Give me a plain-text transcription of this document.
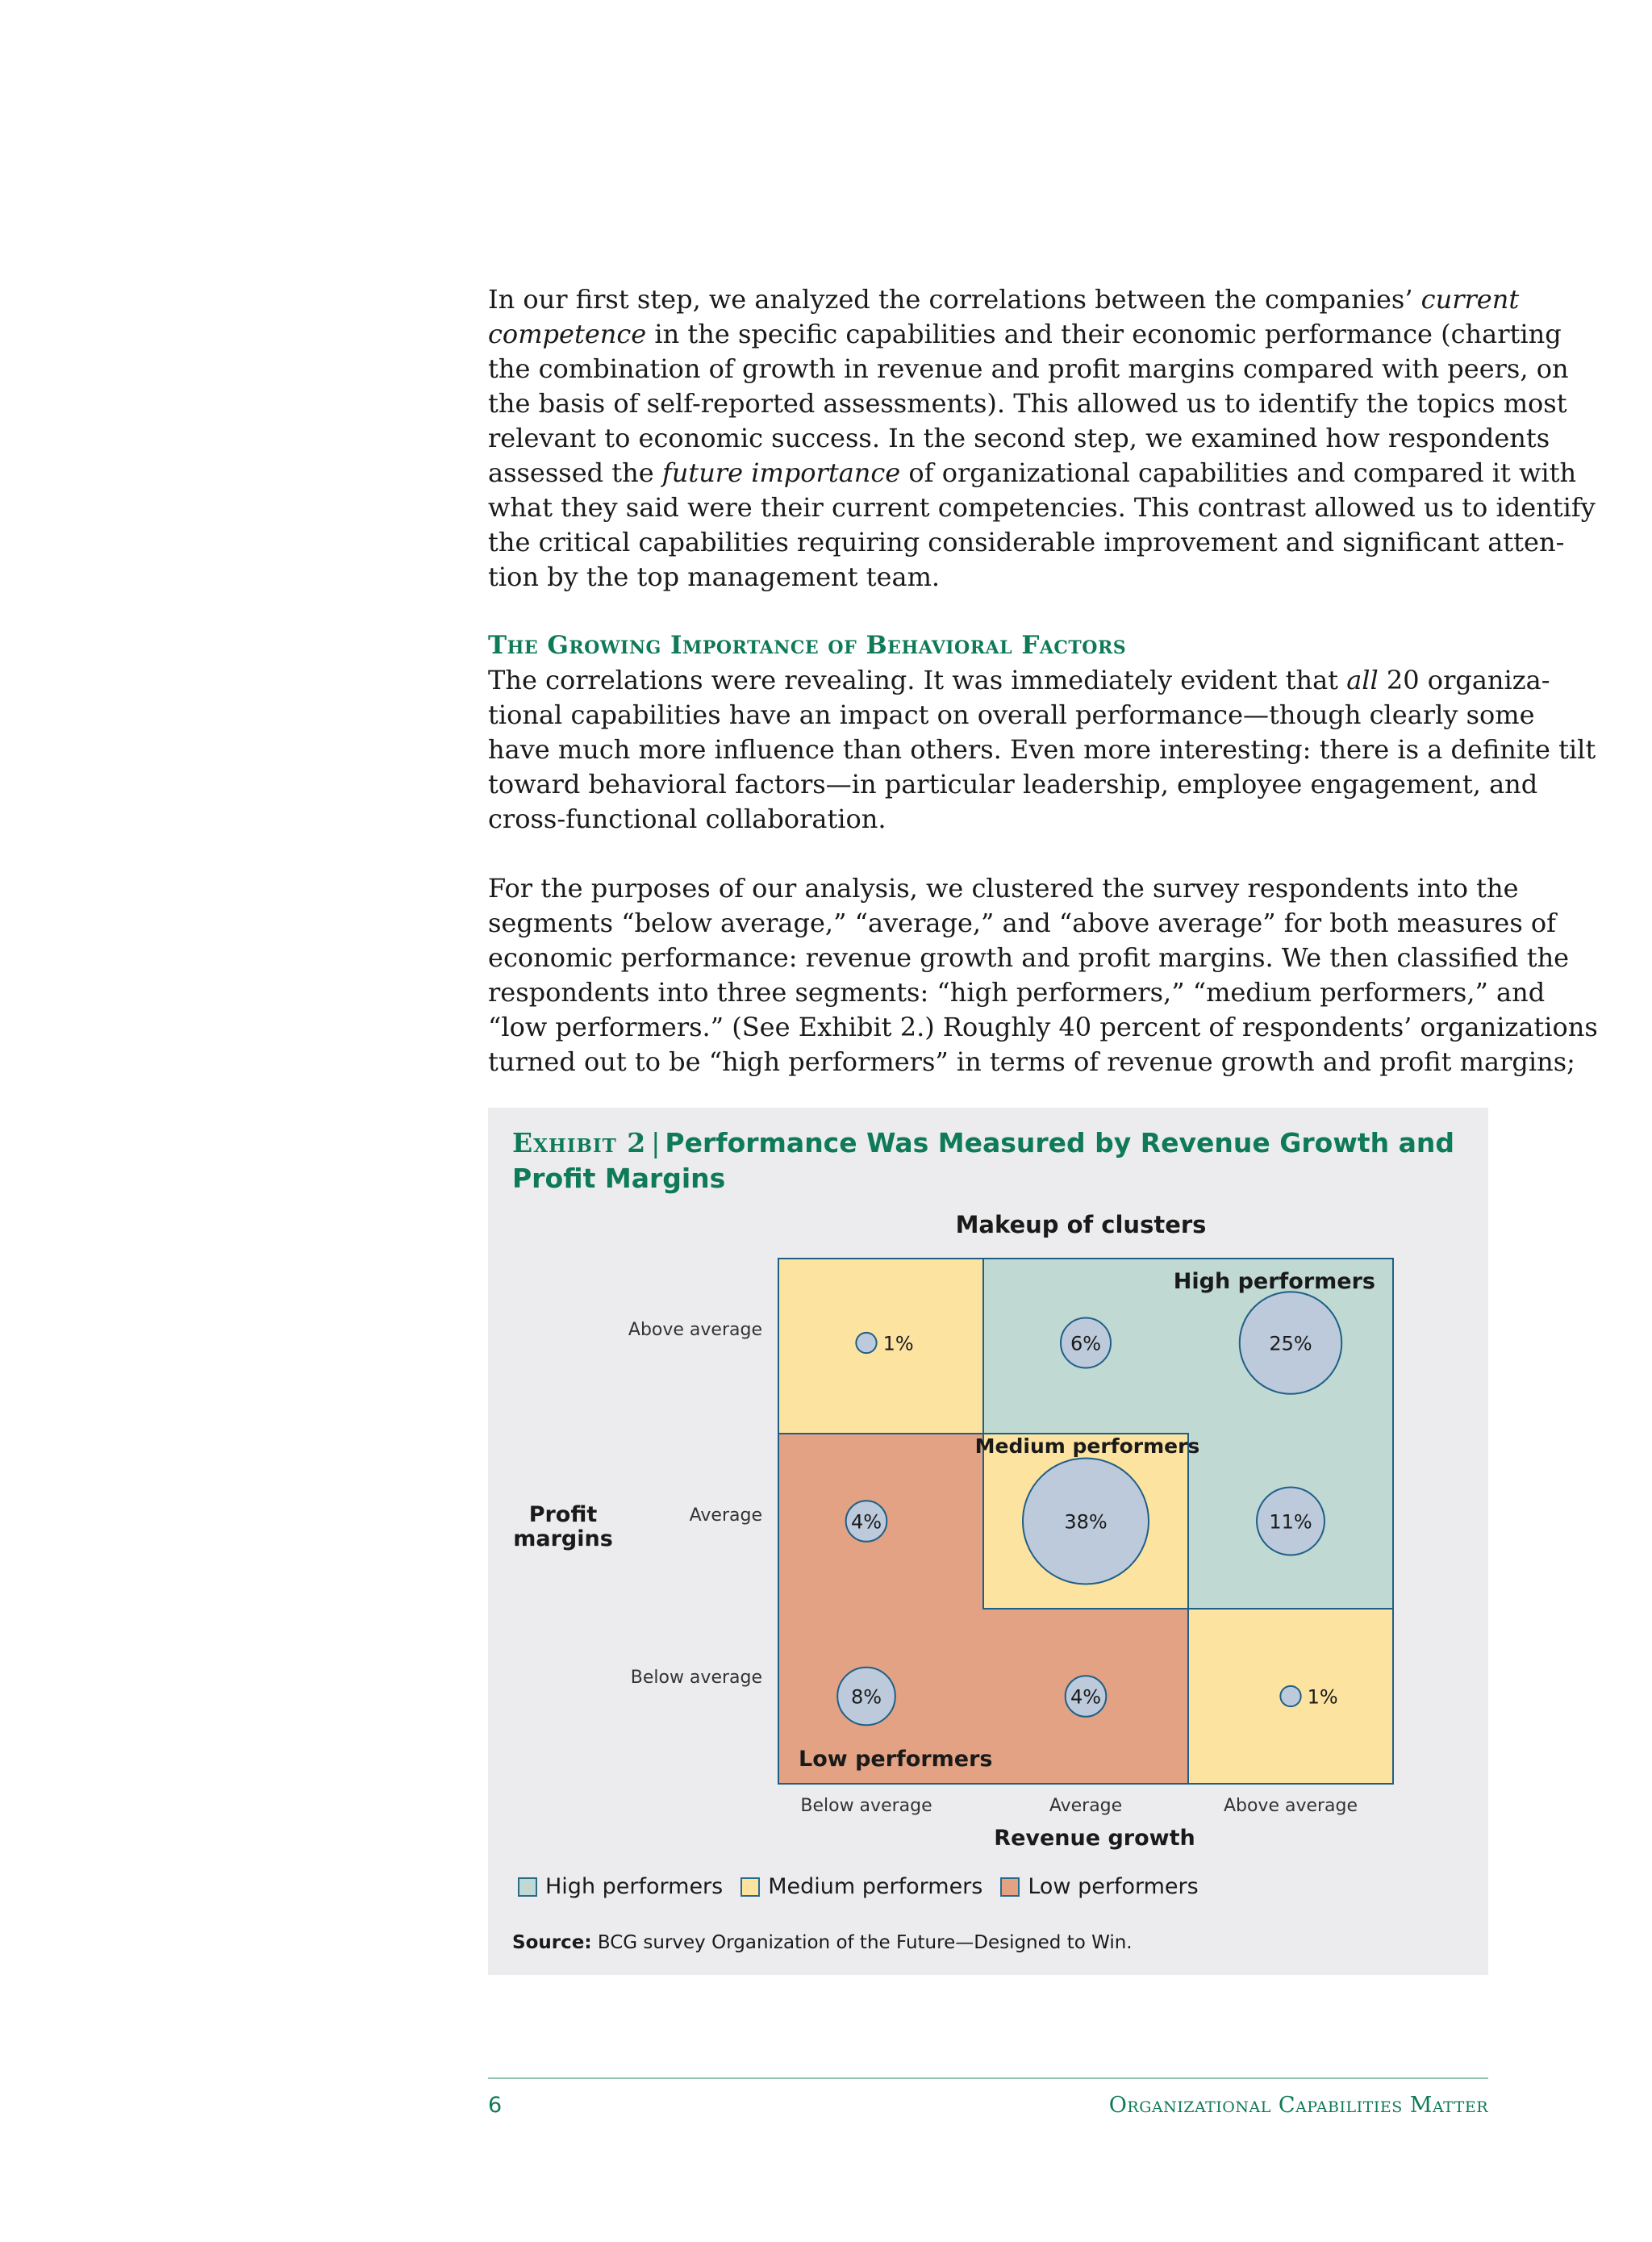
In our first step, we analyzed the correlations between the companies’ current
competence in the specific capabilities and their economic performance (charting
the combination of growth in revenue and profit margins compared with peers, on
the basis of self-reported assessments). This allowed us to identify the topics most
relevant to economic success. In the second step, we examined how respondents
assessed the future importance of organizational capabilities and compared it with
what they said were their current competencies. This contrast allowed us to identify
the critical capabilities requiring considerable improvement and significant atten-
tion by the top management team.

The Growing Importance of Behavioral Factors

The correlations were revealing. It was immediately evident that all 20 organiza-
tional capabilities have an impact on overall performance—though clearly some
have much more influence than others. Even more interesting: there is a definite tilt
toward behavioral factors—in particular leadership, employee engagement, and
cross-functional collaboration.

For the purposes of our analysis, we clustered the survey respondents into the
segments “below average,” “average,” and “above average” for both measures of
economic performance: revenue growth and profit margins. We then classified the
respondents into three segments: “high performers,” “medium performers,” and
“low performers.” (See Exhibit 2.) Roughly 40 percent of respondents’ organizations
turned out to be “high performers” in terms of revenue growth and profit margins;

Exhibit 2 | Performance Was Measured by Revenue Growth and Profit Margins
1%	6%	25%
4%	38%	11%
8%	4%	1%
Makeup of clusters
High performers
Medium performers
Low performers
Above average
Average
Below average
Below average	Average	Above average
Revenue growth
Profit
margins
High performers Medium performers Low performers
Source: BCG survey Organization of the Future—Designed to Win.
6	Organizational Capabilities Matter
